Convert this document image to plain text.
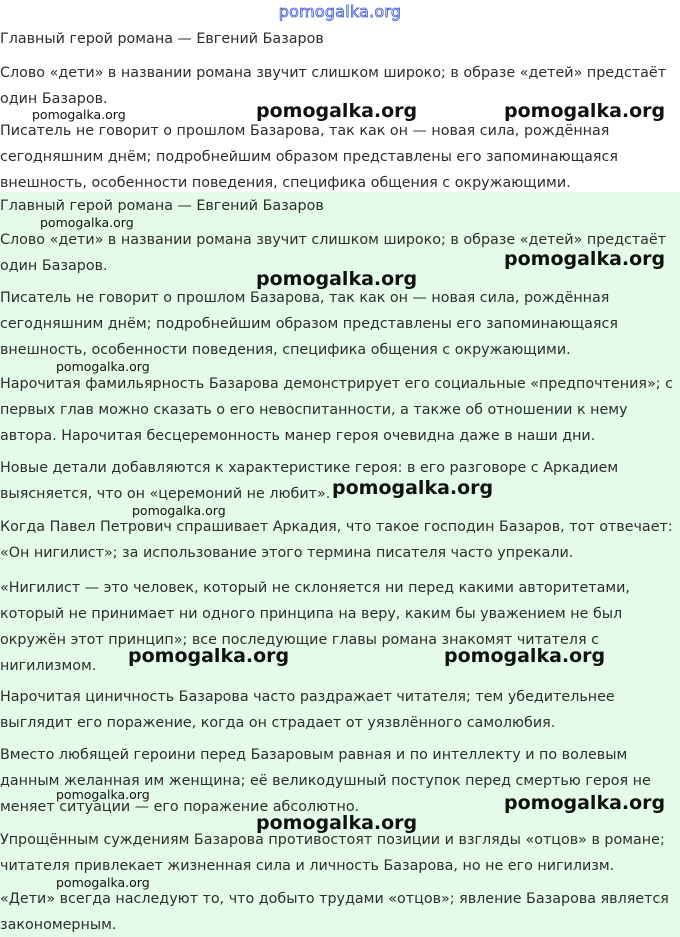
pomogalka.org

Главный герой романа — Евгений Базаров

Слово «дети» в названии романа звучит слишком широко; в образе «детей» предстаёт один Базаров.

Писатель не говорит о прошлом Базарова, так как он — новая сила, рождённая сегодняшним днём; подробнейшим образом представлены его запоминающаяся внешность, особенности поведения, специфика общения с окружающими.

Главный герой романа — Евгений Базаров

Слово «дети» в названии романа звучит слишком широко; в образе «детей» предстаёт один Базаров.

Писатель не говорит о прошлом Базарова, так как он — новая сила, рождённая сегодняшним днём; подробнейшим образом представлены его запоминающаяся внешность, особенности поведения, специфика общения с окружающими.

Нарочитая фамильярность Базарова демонстрирует его социальные «предпочтения»; с первых глав можно сказать о его невоспитанности, а также об отношении к нему автора. Нарочитая бесцеремонность манер героя очевидна даже в наши дни.

Новые детали добавляются к характеристике героя: в его разговоре с Аркадием выясняется, что он «церемоний не любит».

Когда Павел Петрович спрашивает Аркадия, что такое господин Базаров, тот отвечает: «Он нигилист»; за использование этого термина писателя часто упрекали.

«Нигилист — это человек, который не склоняется ни перед какими авторитетами, который не принимает ни одного принципа на веру, каким бы уважением не был окружён этот принцип»; все последующие главы романа знакомят читателя с нигилизмом.

Нарочитая циничность Базарова часто раздражает читателя; тем убедительнее выглядит его поражение, когда он страдает от уязвлённого самолюбия.

Вместо любящей героини перед Базаровым равная и по интеллекту и по волевым данным желанная им женщина; её великодушный поступок перед смертью героя не меняет ситуации — его поражение абсолютно.

Упрощённым суждениям Базарова противостоят позиции и взгляды «отцов» в романе; читателя привлекает жизненная сила и личность Базарова, но не его нигилизм.

«Дети» всегда наследуют то, что добыто трудами «отцов»; явление Базарова является закономерным.

pomogalka.org	pomogalka.org	pomogalka.org
pomogalka.org
pomogalka.org
pomogalka.org
pomogalka.org
pomogalka.org
pomogalka.org
pomogalka.org	pomogalka.org
pomogalka.org	pomogalka.org
pomogalka.org
pomogalka.org
